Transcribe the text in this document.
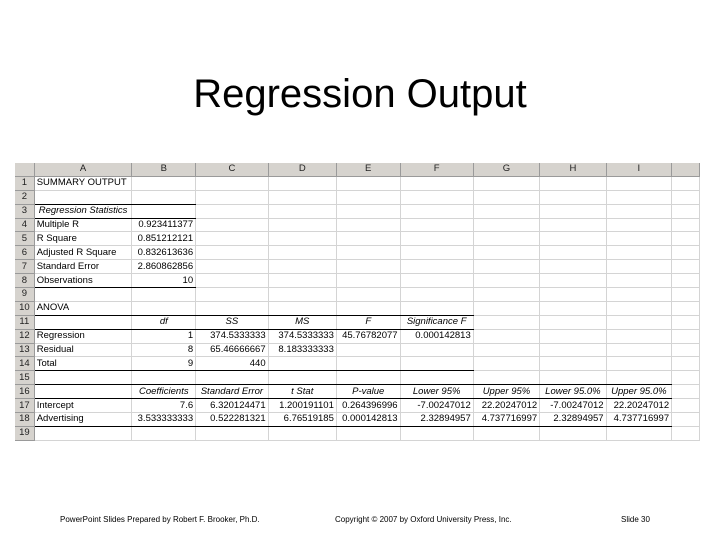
Regression Output
	A	B	C	D	E	F	G	H	I	
1	SUMMARY OUTPUT									
2										
3	Regression Statistics									
4	Multiple R	0.923411377								
5	R Square	0.851212121								
6	Adjusted R Square	0.832613636								
7	Standard Error	2.860862856								
8	Observations	10								
9										
10	ANOVA									
11		df	SS	MS	F	Significance F				
12	Regression	1	374.5333333	374.5333333	45.76782077	0.000142813				
13	Residual	8	65.46666667	8.183333333						
14	Total	9	440							
15										
16		Coefficients	Standard Error	t Stat	P-value	Lower 95%	Upper 95%	Lower 95.0%	Upper 95.0%	
17	Intercept	7.6	6.320124471	1.200191101	0.264396996	-7.00247012	22.20247012	-7.00247012	22.20247012	
18	Advertising	3.533333333	0.522281321	6.76519185	0.000142813	2.32894957	4.737716997	2.32894957	4.737716997	
19										
PowerPoint Slides Prepared by Robert F. Brooker, Ph.D.	Copyright © 2007 by Oxford University Press, Inc.	Slide 30
